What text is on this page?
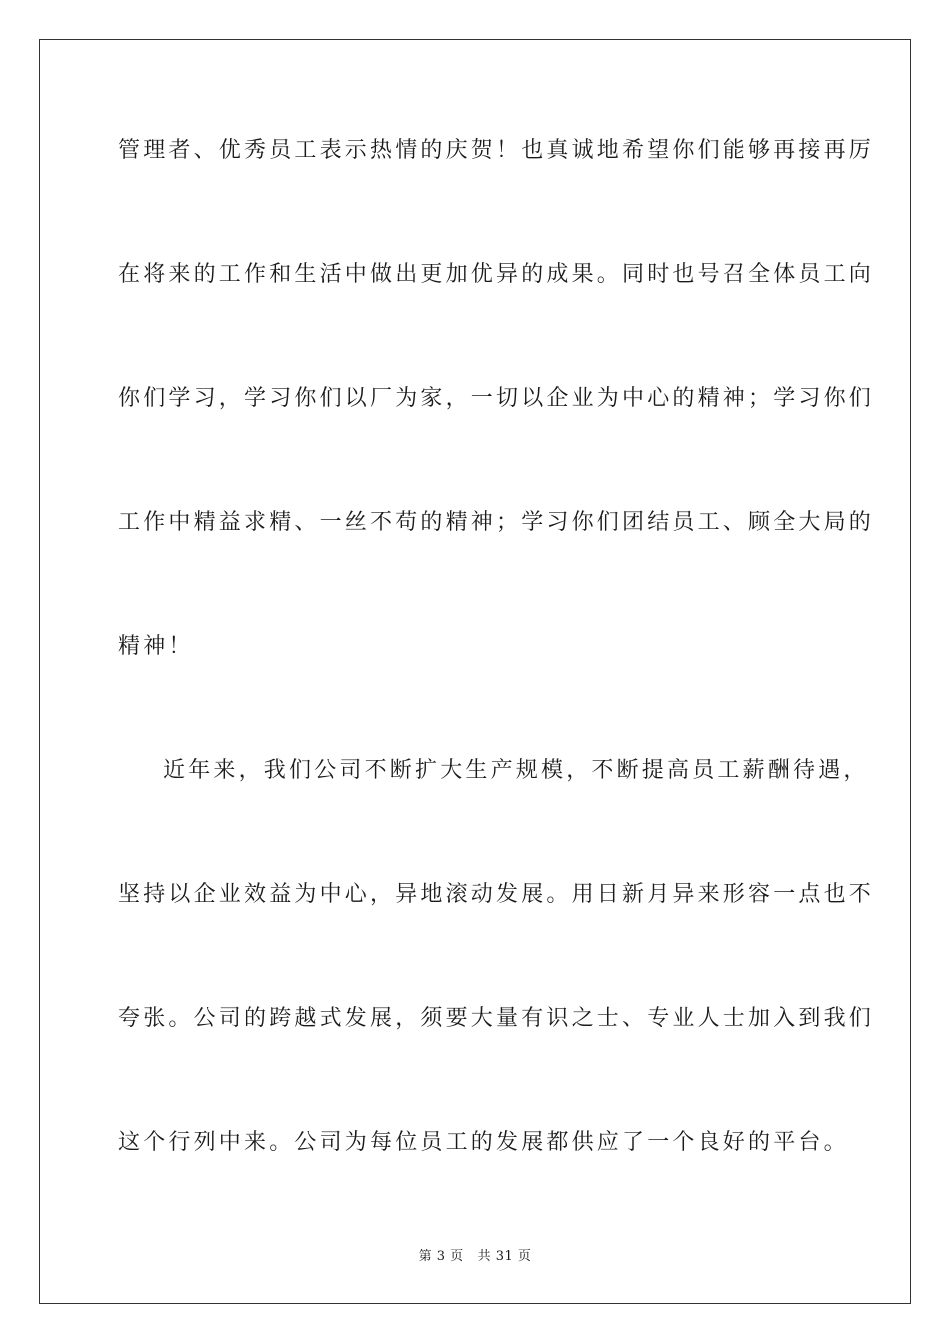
管理者、优秀员工表示热情的庆贺！也真诚地希望你们能够再接再厉
在将来的工作和生活中做出更加优异的成果。同时也号召全体员工向
你们学习，学习你们以厂为家，一切以企业为中心的精神；学习你们
工作中精益求精、一丝不苟的精神；学习你们团结员工、顾全大局的
精神！
近年来，我们公司不断扩大生产规模，不断提高员工薪酬待遇，
坚持以企业效益为中心，异地滚动发展。用日新月异来形容一点也不
夸张。公司的跨越式发展，须要大量有识之士、专业人士加入到我们
这个行列中来。公司为每位员工的发展都供应了一个良好的平台。
第 3 页 共 31 页
